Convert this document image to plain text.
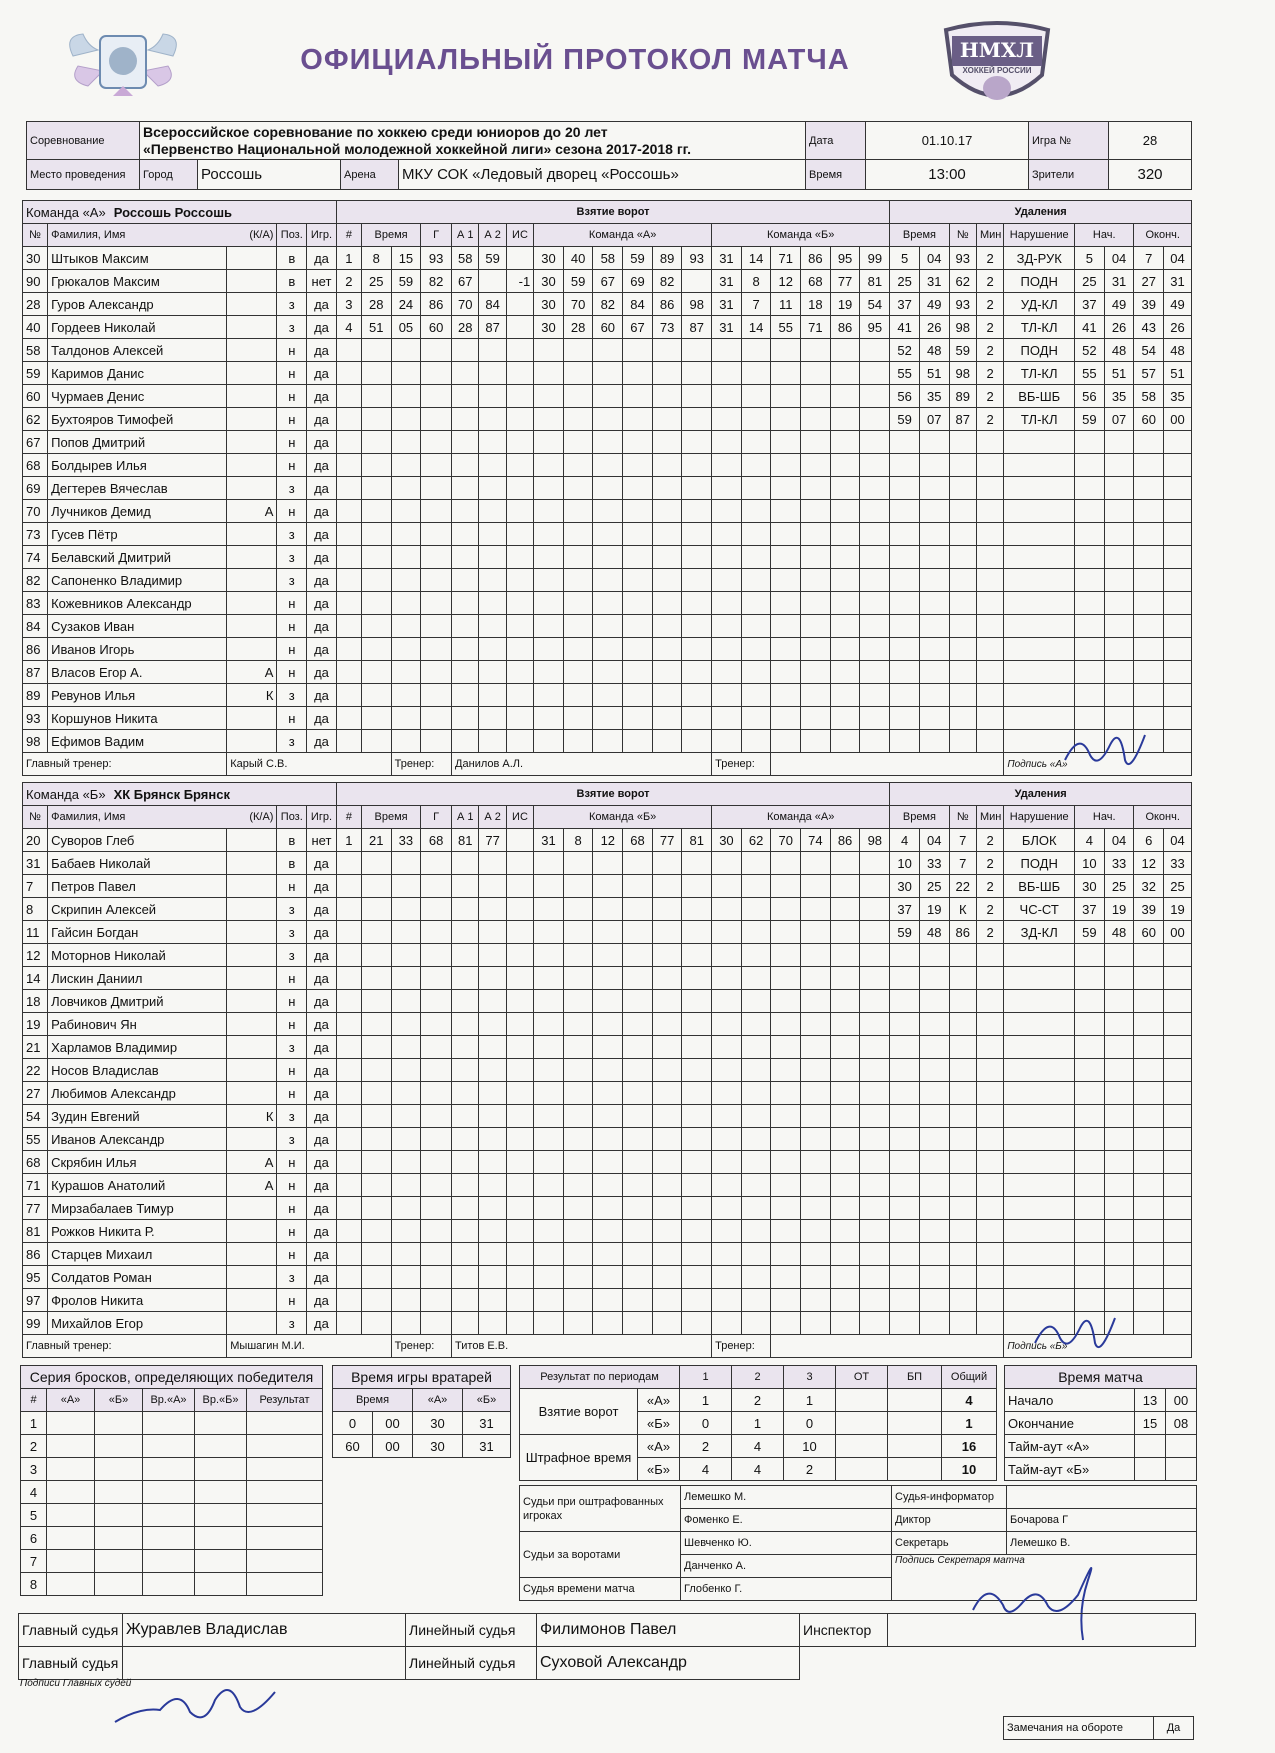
ОФИЦИАЛЬНЫЙ ПРОТОКОЛ МАТЧА	НМХЛ
ХОККЕЙ РОССИИ
Соревнование	Всероссийское соревнование по хоккею среди юниоров до 20 лет
«Первенство Национальной молодежной хоккейной лиги» сезона 2017-2018 гг.				Дата	01.10.17	Игра №	28
Место проведения	Город	Россошь	Арена	МКУ СОК «Ледовый дворец «Россошь»	Время	13:00	Зрители	320
Команда «А» Россошь Россошь					Взятие ворот																			Удаления								
№	Фамилия, Имя (К/А)		Поз.	Игр.	#	Время		Г	А 1	А 2	ИС	Команда «А»						Команда «Б»						Время		№	Мин	Нарушение	Нач.		Оконч.	
30	Штыков Максим		в	да	1	8	15	93	58	59		30	40	58	59	89	93	31	14	71	86	95	99	5	04	93	2	ЗД-РУК	5	04	7	04
90	Грюкалов Максим		в	нет	2	25	59	82	67		-1	30	59	67	69	82		31	8	12	68	77	81	25	31	62	2	ПОДН	25	31	27	31
28	Гуров Александр		з	да	3	28	24	86	70	84		30	70	82	84	86	98	31	7	11	18	19	54	37	49	93	2	УД-КЛ	37	49	39	49
40	Гордеев Николай		з	да	4	51	05	60	28	87		30	28	60	67	73	87	31	14	55	71	86	95	41	26	98	2	ТЛ-КЛ	41	26	43	26
58	Талдонов Алексей		н	да																				52	48	59	2	ПОДН	52	48	54	48
59	Каримов Данис		н	да																				55	51	98	2	ТЛ-КЛ	55	51	57	51
60	Чурмаев Денис		н	да																				56	35	89	2	ВБ-ШБ	56	35	58	35
62	Бухтояров Тимофей		н	да																				59	07	87	2	ТЛ-КЛ	59	07	60	00
67	Попов Дмитрий		н	да																												
68	Болдырев Илья		н	да																												
69	Дегтерев Вячеслав		з	да																												
70	Лучников Демид	А	н	да																												
73	Гусев Пётр		з	да																												
74	Белавский Дмитрий		з	да																												
82	Сапоненко Владимир		з	да																												
83	Кожевников Александр		н	да																												
84	Сузаков Иван		н	да																												
86	Иванов Игорь		н	да																												
87	Власов Егор А.	А	н	да																												
89	Ревунов Илья	К	з	да																												
93	Коршунов Никита		н	да																												
98	Ефимов Вадим		з	да																												
Главный тренер:		Карый С.В.					Тренер:		Данилов А.Л.									Тренер:										Подпись «А»				
Команда «Б» ХК Брянск Брянск					Взятие ворот																			Удаления								
№	Фамилия, Имя (К/А)		Поз.	Игр.	#	Время		Г	А 1	А 2	ИС	Команда «Б»						Команда «А»						Время		№	Мин	Нарушение	Нач.		Оконч.	
20	Суворов Глеб		в	нет	1	21	33	68	81	77		31	8	12	68	77	81	30	62	70	74	86	98	4	04	7	2	БЛОК	4	04	6	04
31	Бабаев Николай		в	да																				10	33	7	2	ПОДН	10	33	12	33
7	Петров Павел		н	да																				30	25	22	2	ВБ-ШБ	30	25	32	25
8	Скрипин Алексей		з	да																				37	19	К	2	ЧС-СТ	37	19	39	19
11	Гайсин Богдан		з	да																				59	48	86	2	ЗД-КЛ	59	48	60	00
12	Моторнов Николай		з	да																												
14	Лискин Даниил		н	да																												
18	Ловчиков Дмитрий		н	да																												
19	Рабинович Ян		н	да																												
21	Харламов Владимир		з	да																												
22	Носов Владислав		н	да																												
27	Любимов Александр		н	да																												
54	Зудин Евгений	К	з	да																												
55	Иванов Александр		з	да																												
68	Скрябин Илья	А	н	да																												
71	Курашов Анатолий	А	н	да																												
77	Мирзабалаев Тимур		н	да																												
81	Рожков Никита Р.		н	да																												
86	Старцев Михаил		н	да																												
95	Солдатов Роман		з	да																												
97	Фролов Никита		н	да																												
99	Михайлов Егор		з	да																												
Главный тренер:		Мышагин М.И.					Тренер:		Титов Е.В.									Тренер:										Подпись «Б»				
Серия бросков, определяющих победителя					
#	«А»	«Б»	Вр.«А»	Вр.«Б»	Результат
1					
2					
3					
4					
5					
6					
7					
8					
Время игры вратарей			
Время		«А»	«Б»
0	00	30	31
60	00	30	31
Результат по периодам		1	2	3	ОТ	БП	Общий
Взятие ворот	«А»	1	2	1			4
	«Б»	0	1	0			1
Штрафное время	«А»	2	4	10			16
	«Б»	4	4	2			10
Время матча		
Начало	13	00
Окончание	15	08
Тайм-аут «А»		
Тайм-аут «Б»		
Судьи при оштрафованных игроках	Лемешко М.	Судья-информатор	
	Фоменко Е.	Диктор	Бочарова Г
Судьи за воротами	Шевченко Ю.	Секретарь	Лемешко В.
	Данченко А.	Подпись Секретаря матча	
Судья времени матча	Глобенко Г.		
Главный судья	Журавлев Владислав	Линейный судья	Филимонов Павел	Инспектор	
Главный судья		Линейный судья	Суховой Александр		
Подписи Главных судей
Замечания на обороте	Да
